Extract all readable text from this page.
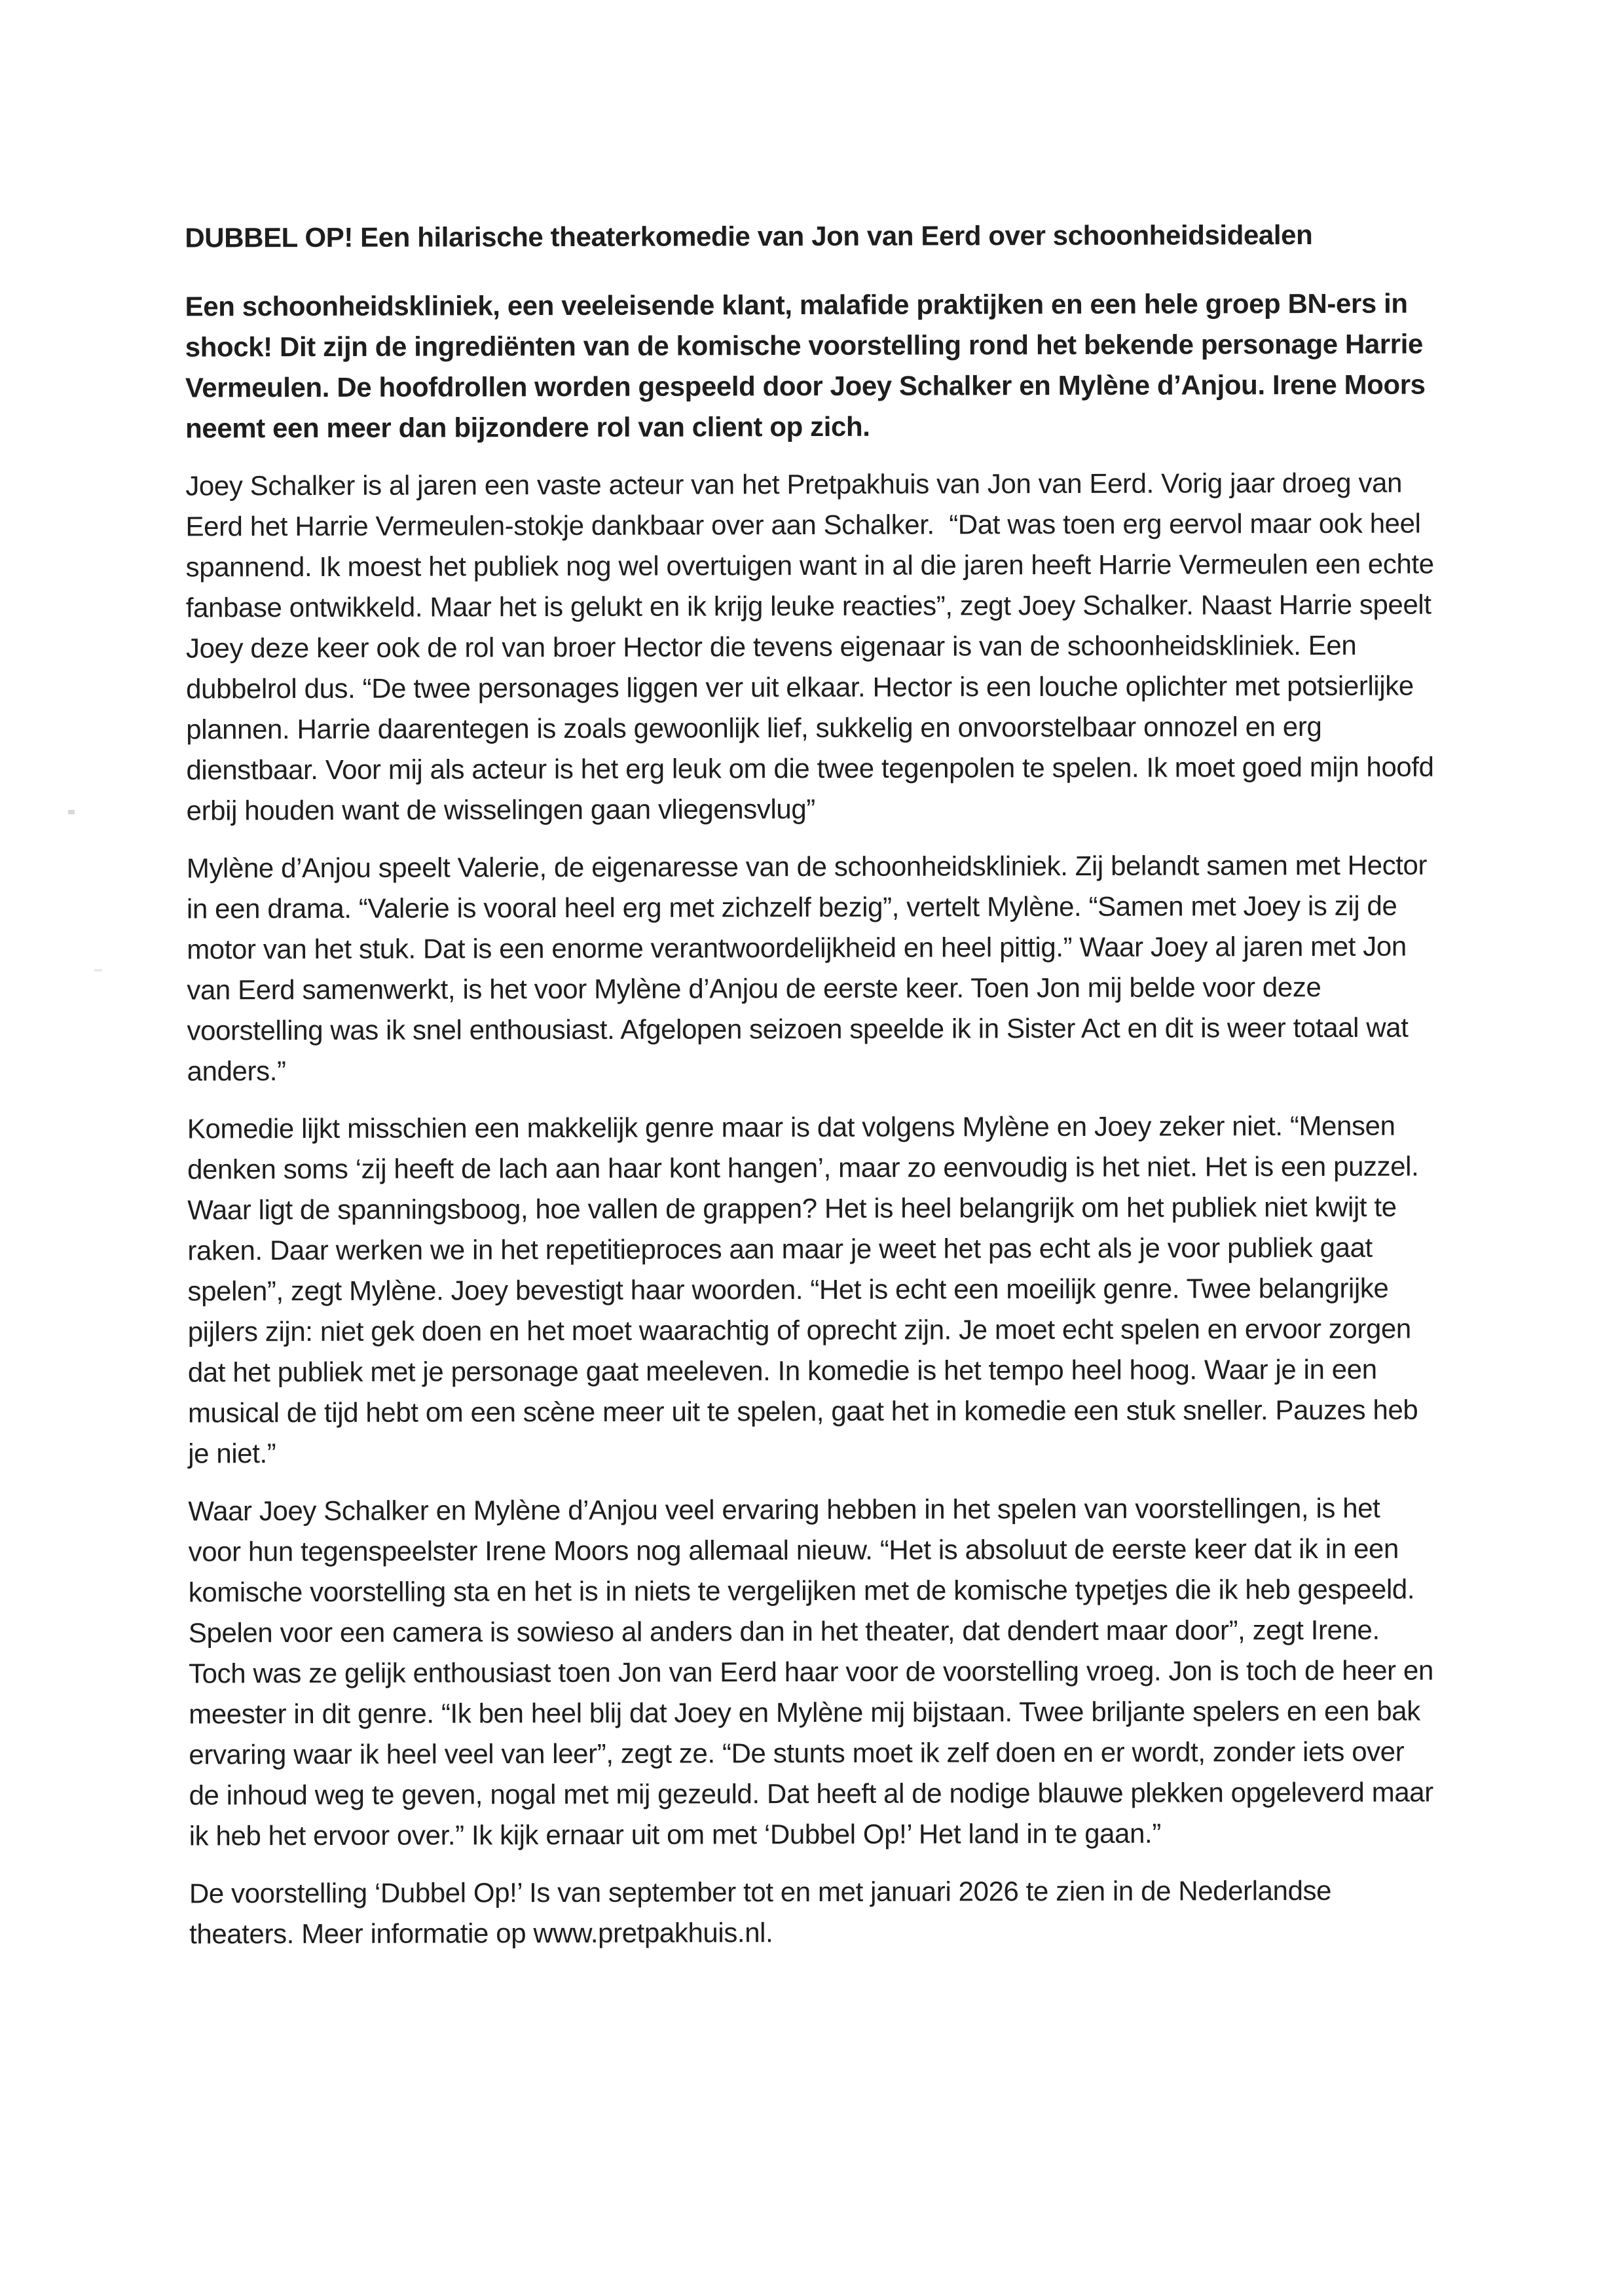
DUBBEL OP! Een hilarische theaterkomedie van Jon van Eerd over schoonheidsidealen

Een schoonheidskliniek, een veeleisende klant, malafide praktijken en een hele groep BN-ers in shock! Dit zijn de ingrediënten van de komische voorstelling rond het bekende personage Harrie Vermeulen. De hoofdrollen worden gespeeld door Joey Schalker en Mylène d’Anjou. Irene Moors neemt een meer dan bijzondere rol van client op zich.

Joey Schalker is al jaren een vaste acteur van het Pretpakhuis van Jon van Eerd. Vorig jaar droeg van Eerd het Harrie Vermeulen-stokje dankbaar over aan Schalker.  “Dat was toen erg eervol maar ook heel spannend. Ik moest het publiek nog wel overtuigen want in al die jaren heeft Harrie Vermeulen een echte fanbase ontwikkeld. Maar het is gelukt en ik krijg leuke reacties”, zegt Joey Schalker. Naast Harrie speelt Joey deze keer ook de rol van broer Hector die tevens eigenaar is van de schoonheidskliniek. Een dubbelrol dus. “De twee personages liggen ver uit elkaar. Hector is een louche oplichter met potsierlijke plannen. Harrie daarentegen is zoals gewoonlijk lief, sukkelig en onvoorstelbaar onnozel en erg dienstbaar. Voor mij als acteur is het erg leuk om die twee tegenpolen te spelen. Ik moet goed mijn hoofd erbij houden want de wisselingen gaan vliegensvlug”

Mylène d’Anjou speelt Valerie, de eigenaresse van de schoonheidskliniek. Zij belandt samen met Hector in een drama. “Valerie is vooral heel erg met zichzelf bezig”, vertelt Mylène. “Samen met Joey is zij de motor van het stuk. Dat is een enorme verantwoordelijkheid en heel pittig.” Waar Joey al jaren met Jon van Eerd samenwerkt, is het voor Mylène d’Anjou de eerste keer. Toen Jon mij belde voor deze voorstelling was ik snel enthousiast. Afgelopen seizoen speelde ik in Sister Act en dit is weer totaal wat anders.”

Komedie lijkt misschien een makkelijk genre maar is dat volgens Mylène en Joey zeker niet. “Mensen denken soms ‘zij heeft de lach aan haar kont hangen’, maar zo eenvoudig is het niet. Het is een puzzel. Waar ligt de spanningsboog, hoe vallen de grappen? Het is heel belangrijk om het publiek niet kwijt te raken. Daar werken we in het repetitieproces aan maar je weet het pas echt als je voor publiek gaat spelen”, zegt Mylène. Joey bevestigt haar woorden. “Het is echt een moeilijk genre. Twee belangrijke pijlers zijn: niet gek doen en het moet waarachtig of oprecht zijn. Je moet echt spelen en ervoor zorgen dat het publiek met je personage gaat meeleven. In komedie is het tempo heel hoog. Waar je in een musical de tijd hebt om een scène meer uit te spelen, gaat het in komedie een stuk sneller. Pauzes heb je niet.”

Waar Joey Schalker en Mylène d’Anjou veel ervaring hebben in het spelen van voorstellingen, is het voor hun tegenspeelster Irene Moors nog allemaal nieuw. “Het is absoluut de eerste keer dat ik in een komische voorstelling sta en het is in niets te vergelijken met de komische typetjes die ik heb gespeeld. Spelen voor een camera is sowieso al anders dan in het theater, dat dendert maar door”, zegt Irene. Toch was ze gelijk enthousiast toen Jon van Eerd haar voor de voorstelling vroeg. Jon is toch de heer en meester in dit genre. “Ik ben heel blij dat Joey en Mylène mij bijstaan. Twee briljante spelers en een bak ervaring waar ik heel veel van leer”, zegt ze. “De stunts moet ik zelf doen en er wordt, zonder iets over de inhoud weg te geven, nogal met mij gezeuld. Dat heeft al de nodige blauwe plekken opgeleverd maar ik heb het ervoor over.” Ik kijk ernaar uit om met ‘Dubbel Op!’ Het land in te gaan.”

De voorstelling ‘Dubbel Op!’ Is van september tot en met januari 2026 te zien in de Nederlandse theaters. Meer informatie op www.pretpakhuis.nl.
